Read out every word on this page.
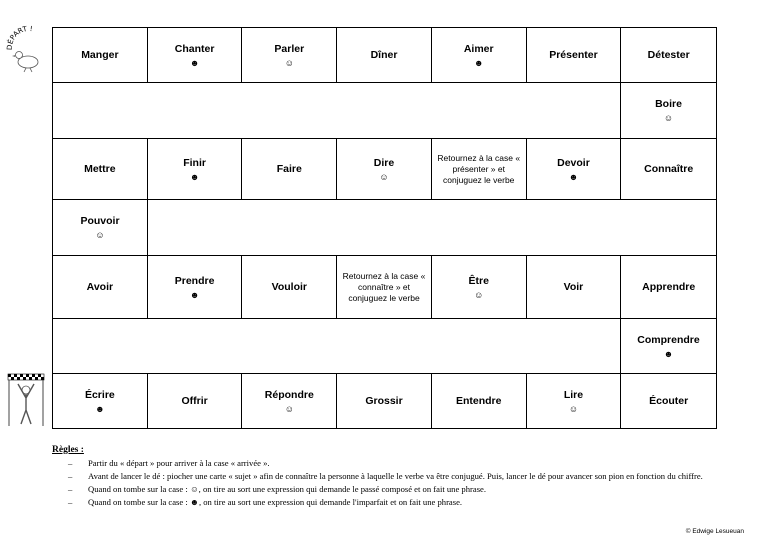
DÉPART !
Manger
Chanter
☻
Parler
☺
Dîner
Aimer
☻
Présenter	Détester
Boire
☺
Mettre
Finir
☻
Faire
Dire
☺
Retournez à la case « présenter » et conjuguez le verbe
Devoir
☻
Connaître
Pouvoir
☺
Avoir
Prendre
☻
Vouloir
Retournez à la case « connaître » et conjuguez le verbe
Être
☺
Voir	Apprendre
Comprendre
☻
Écrire
☻
Offrir
Répondre
☺
Grossir	Entendre
Lire
☺
Écouter
Règles :
– Partir du « départ » pour arriver à la case « arrivée ».
– Avant de lancer le dé : piocher une carte « sujet » afin de connaître la personne à laquelle le verbe va être conjugué. Puis, lancer le dé pour avancer son pion en fonction du chiffre.
– Quand on tombe sur la case : ☺, on tire au sort une expression qui demande le passé composé et on fait une phrase.
– Quand on tombe sur la case : ☻, on tire au sort une expression qui demande l'imparfait et on fait une phrase.
© Edwige Lesueuan
